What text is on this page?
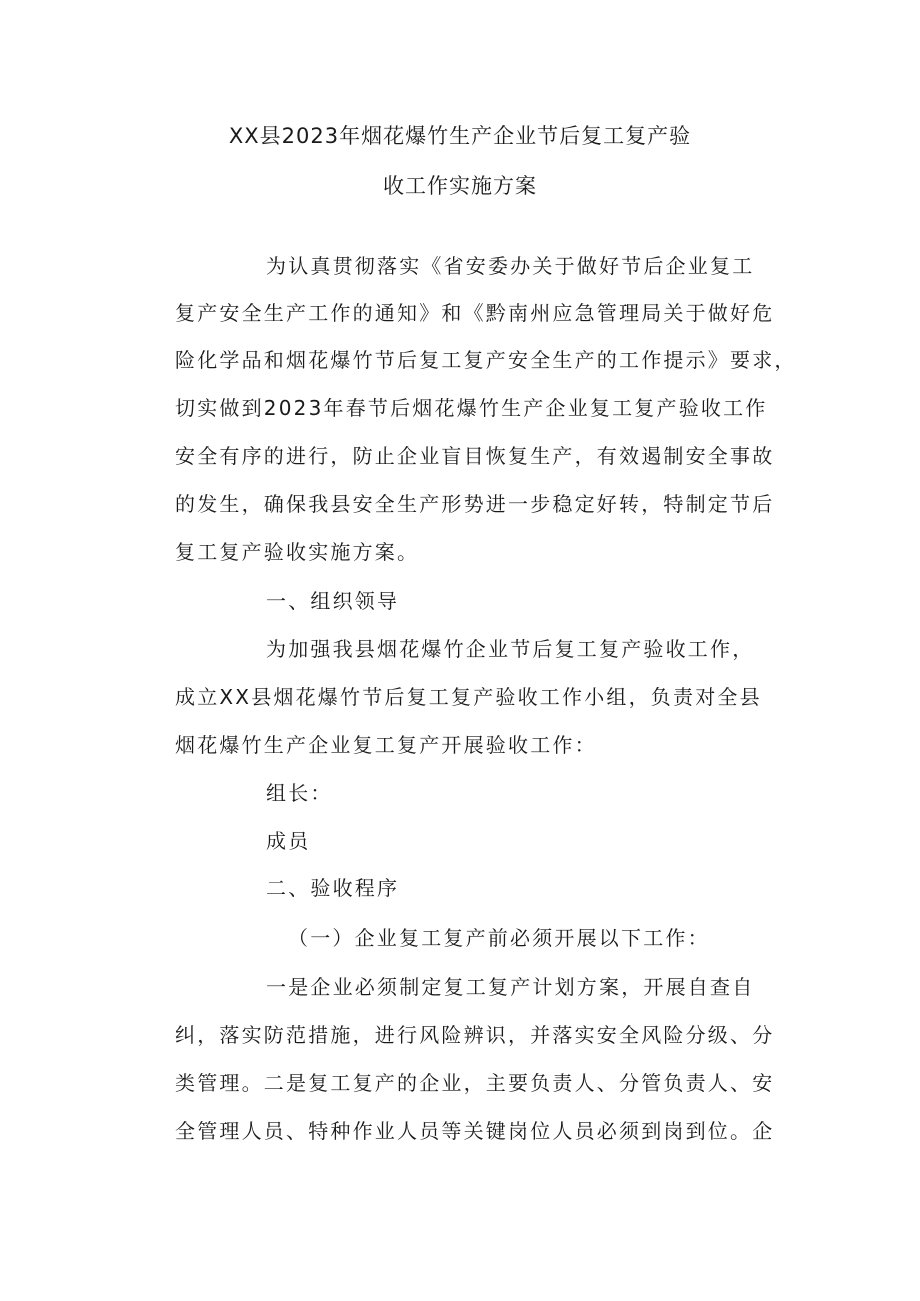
XX县2023年烟花爆竹生产企业节后复工复产验
收工作实施方案

为认真贯彻落实《省安委办关于做好节后企业复工

复产安全生产工作的通知》和《黔南州应急管理局关于做好危

险化学品和烟花爆竹节后复工复产安全生产的工作提示》要求，

切实做到2023年春节后烟花爆竹生产企业复工复产验收工作

安全有序的进行，防止企业盲目恢复生产，有效遏制安全事故

的发生，确保我县安全生产形势进一步稳定好转，特制定节后

复工复产验收实施方案。

一、组织领导

为加强我县烟花爆竹企业节后复工复产验收工作，

成立XX县烟花爆竹节后复工复产验收工作小组，负责对全县

烟花爆竹生产企业复工复产开展验收工作：

组长：

成员

二、验收程序

（一）企业复工复产前必须开展以下工作：

一是企业必须制定复工复产计划方案，开展自查自

纠，落实防范措施，进行风险辨识，并落实安全风险分级、分

类管理。二是复工复产的企业，主要负责人、分管负责人、安

全管理人员、特种作业人员等关键岗位人员必须到岗到位。企
